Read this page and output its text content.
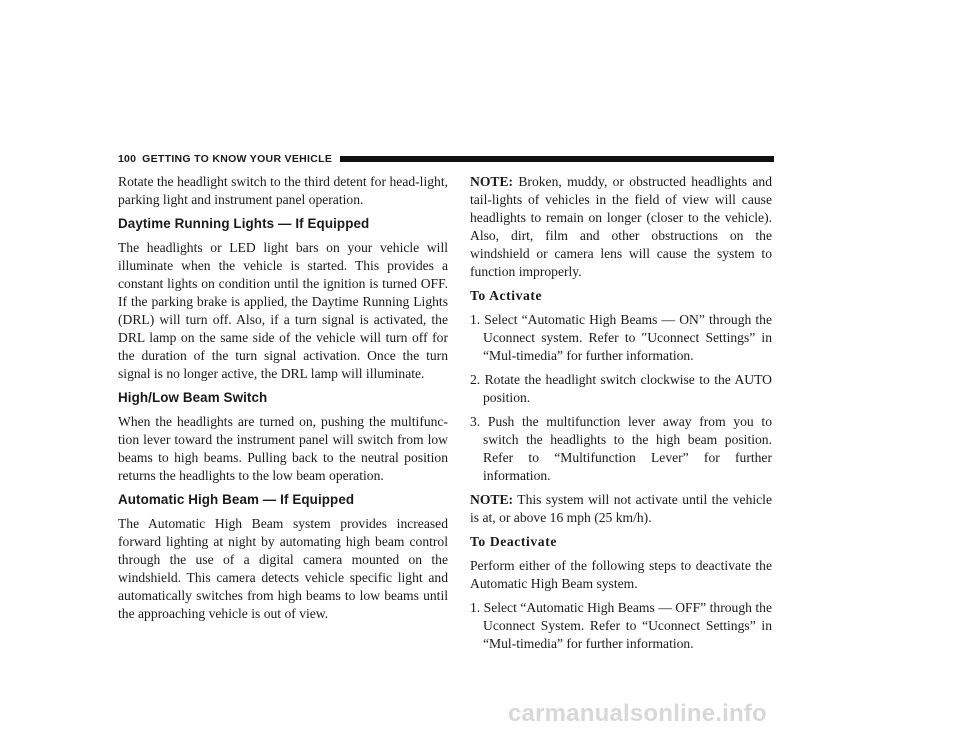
100 GETTING TO KNOW YOUR VEHICLE

Rotate the headlight switch to the third detent for head-light, parking light and instrument panel operation.

Daytime Running Lights — If Equipped

The headlights or LED light bars on your vehicle will illuminate when the vehicle is started. This provides a constant lights on condition until the ignition is turned OFF. If the parking brake is applied, the Daytime Running Lights (DRL) will turn off. Also, if a turn signal is activated, the DRL lamp on the same side of the vehicle will turn off for the duration of the turn signal activation. Once the turn signal is no longer active, the DRL lamp will illuminate.

High/Low Beam Switch

When the headlights are turned on, pushing the multifunc-tion lever toward the instrument panel will switch from low beams to high beams. Pulling back to the neutral position returns the headlights to the low beam operation.

Automatic High Beam — If Equipped

The Automatic High Beam system provides increased forward lighting at night by automating high beam control through the use of a digital camera mounted on the windshield. This camera detects vehicle specific light and automatically switches from high beams to low beams until the approaching vehicle is out of view.

NOTE: Broken, muddy, or obstructed headlights and tail-lights of vehicles in the field of view will cause headlights to remain on longer (closer to the vehicle). Also, dirt, film and other obstructions on the windshield or camera lens will cause the system to function improperly.

To Activate
1. Select “Automatic High Beams — ON” through the Uconnect system. Refer to ″Uconnect Settings” in “Mul-timedia” for further information.
2. Rotate the headlight switch clockwise to the AUTO position.
3. Push the multifunction lever away from you to switch the headlights to the high beam position. Refer to “Multifunction Lever” for further information.

NOTE: This system will not activate until the vehicle is at, or above 16 mph (25 km/h).

To Deactivate

Perform either of the following steps to deactivate the Automatic High Beam system.

1. Select “Automatic High Beams — OFF” through the Uconnect System. Refer to “Uconnect Settings” in “Mul-timedia” for further information.
carmanualsonline.info
